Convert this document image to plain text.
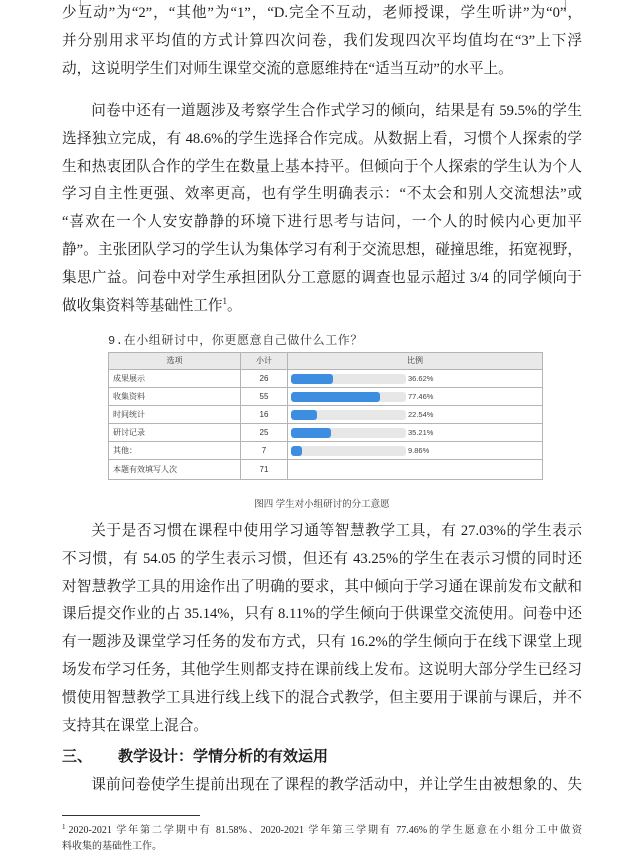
少互动”为“2”，“其他”为“1”，“D.完全不互动，老师授课，学生听讲”为“0”，
并分别用求平均值的方式计算四次问卷，我们发现四次平均值均在“3”上下浮
动，这说明学生们对师生课堂交流的意愿维持在“适当互动”的水平上。
问卷中还有一道题涉及考察学生合作式学习的倾向，结果是有 59.5%的学生
选择独立完成，有 48.6%的学生选择合作完成。从数据上看，习惯个人探索的学
生和热衷团队合作的学生在数量上基本持平。但倾向于个人探索的学生认为个人
学习自主性更强、效率更高，也有学生明确表示：“不太会和别人交流想法”或
“喜欢在一个人安安静静的环境下进行思考与诘问，一个人的时候内心更加平
静”。主张团队学习的学生认为集体学习有利于交流思想，碰撞思维，拓宽视野，
集思广益。问卷中对学生承担团队分工意愿的调查也显示超过 3/4 的同学倾向于
做收集资料等基础性工作$^1$。
9.在小组研讨中，你更愿意自己做什么工作？
选项	小计	比例
成果展示	26	36.62%
收集资料	55	77.46%
时间统计	16	22.54%
研讨记录	25	35.21%
其他：	7	9.86%
本题有效填写人次	71	
图四 学生对小组研讨的分工意愿
关于是否习惯在课程中使用学习通等智慧教学工具，有 27.03%的学生表示
不习惯，有 54.05 的学生表示习惯，但还有 43.25%的学生在表示习惯的同时还
对智慧教学工具的用途作出了明确的要求，其中倾向于学习通在课前发布文献和
课后提交作业的占 35.14%，只有 8.11%的学生倾向于供课堂交流使用。问卷中还
有一题涉及课堂学习任务的发布方式，只有 16.2%的学生倾向于在线下课堂上现
场发布学习任务，其他学生则都支持在课前线上发布。这说明大部分学生已经习
惯使用智慧教学工具进行线上线下的混合式教学，但主要用于课前与课后，并不
支持其在课堂上混合。
三、 教学设计：学情分析的有效运用
课前问卷使学生提前出现在了课程的教学活动中，并让学生由被想象的、失
$^1$ 2020-2021 学年第二学期中有 81.58%、2020-2021 学年第三学期有 77.46%的学生愿意在小组分工中做资
料收集的基础性工作。
